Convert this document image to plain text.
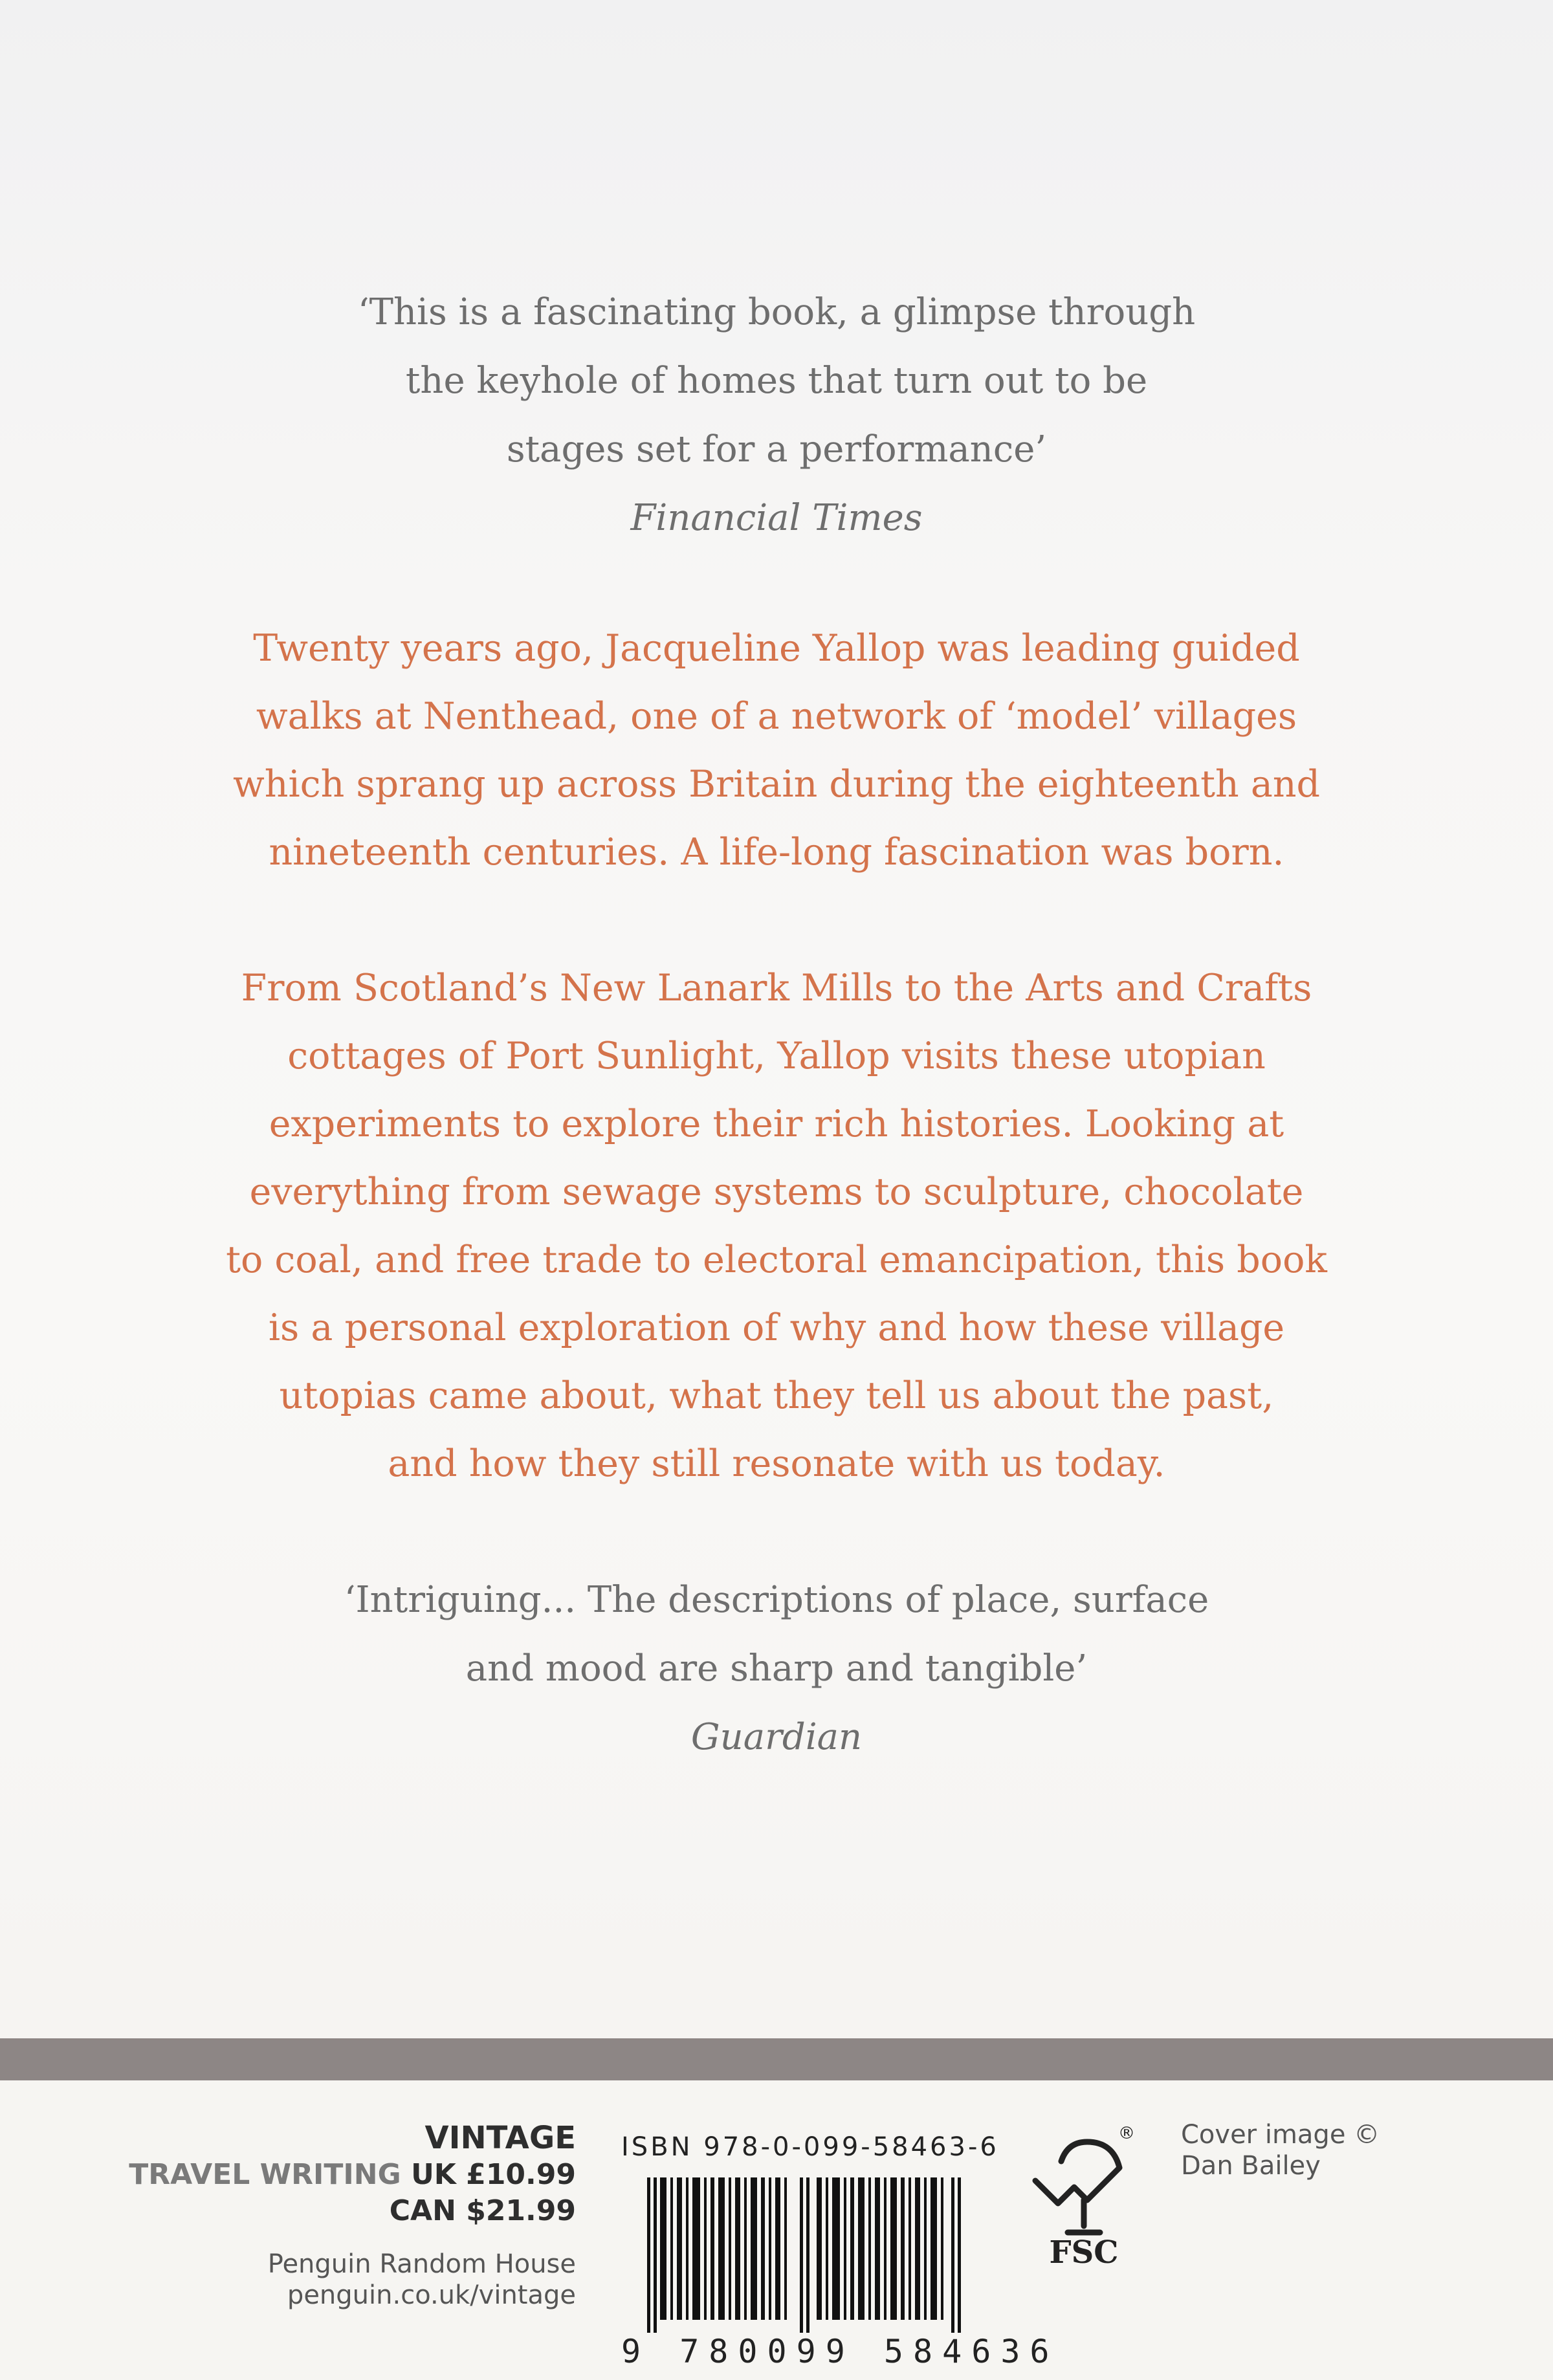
‘This is a fascinating book, a glimpse through
the keyhole of homes that turn out to be
stages set for a performance’
Financial Times
Twenty years ago, Jacqueline Yallop was leading guided
walks at Nenthead, one of a network of ‘model’ villages
which sprang up across Britain during the eighteenth and
nineteenth centuries. A life-long fascination was born.
From Scotland’s New Lanark Mills to the Arts and Crafts
cottages of Port Sunlight, Yallop visits these utopian
experiments to explore their rich histories. Looking at
everything from sewage systems to sculpture, chocolate
to coal, and free trade to electoral emancipation, this book
is a personal exploration of why and how these village
utopias came about, what they tell us about the past,
and how they still resonate with us today.
‘Intriguing... The descriptions of place, surface
and mood are sharp and tangible’
Guardian
VINTAGE
TRAVEL WRITING UK £10.99
CAN $21.99
Penguin Random House
penguin.co.uk/vintage
ISBN 978-0-099-58463-6
9 780099 584636
®
FSC
Cover image ©
Dan Bailey
